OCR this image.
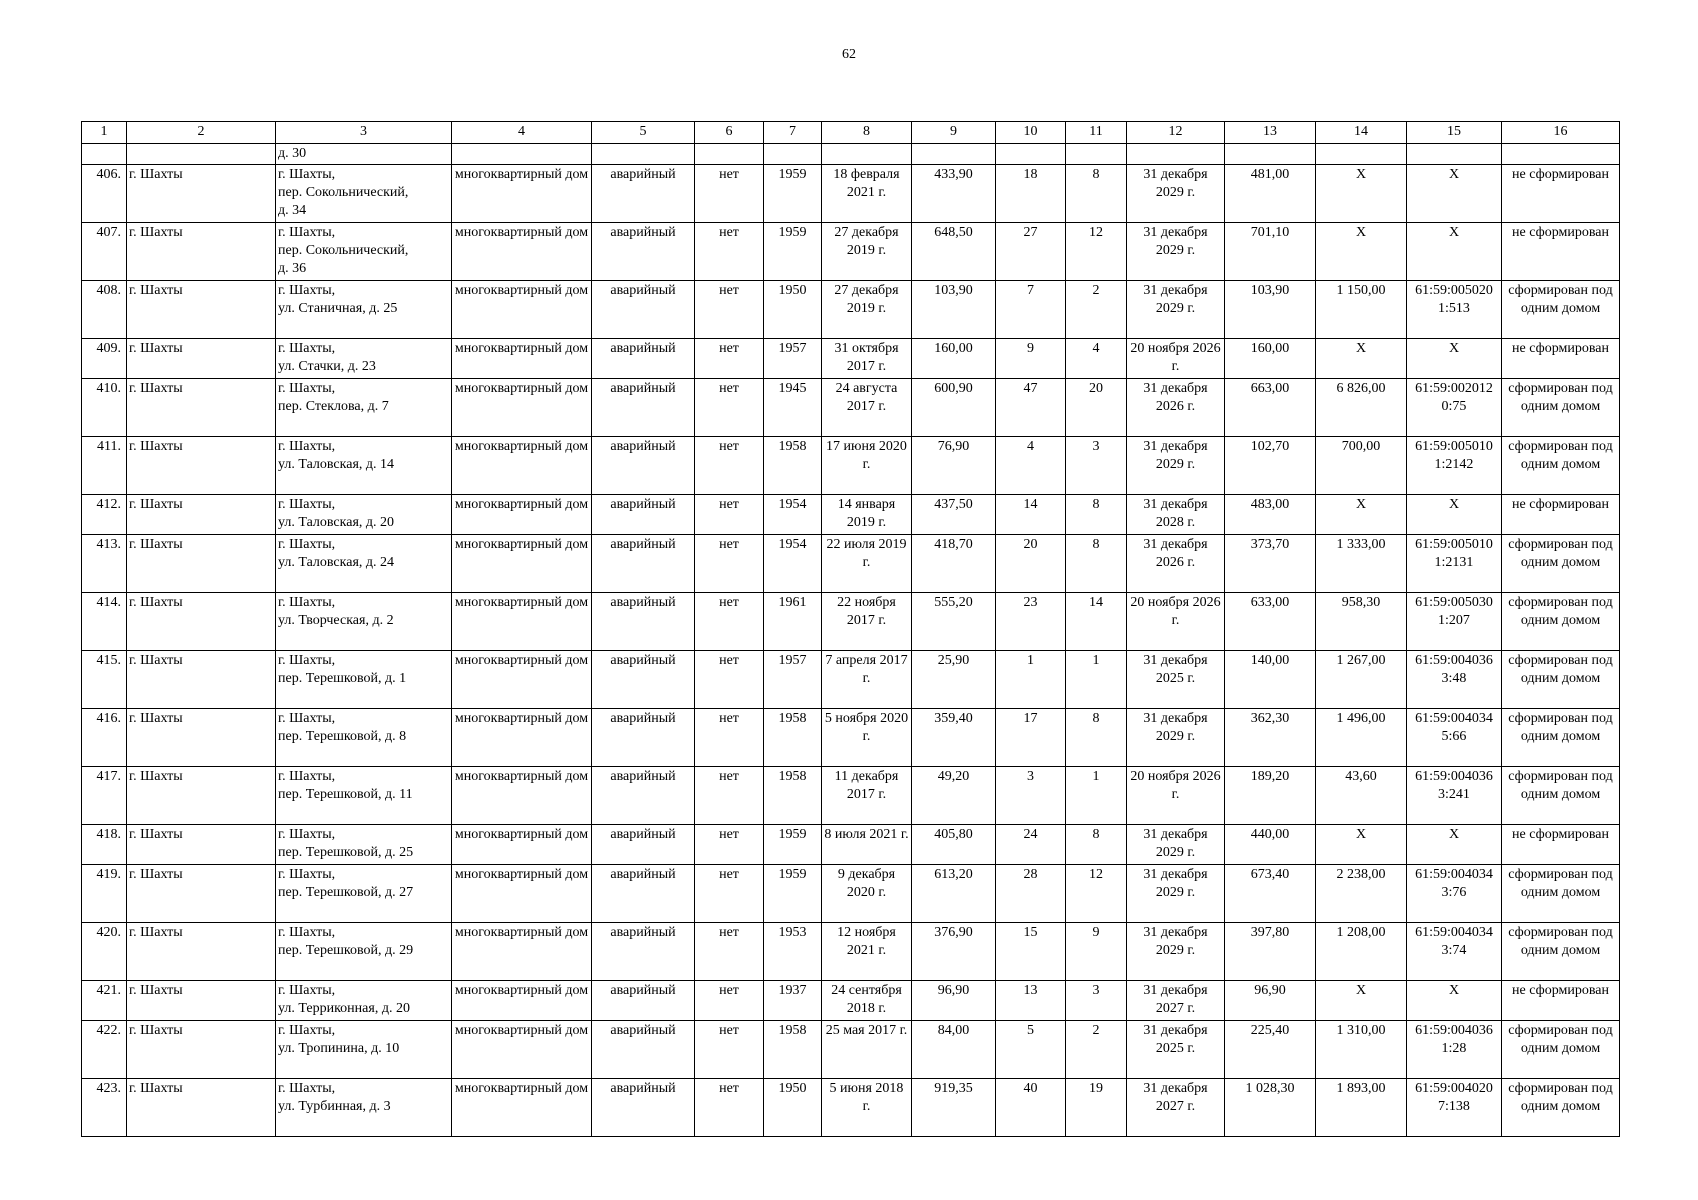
62
1	2	3	4	5	6	7	8	9	10	11	12	13	14	15	16
		д. 30													
406.	г. Шахты	г. Шахты,
пер. Сокольнический,
д. 34	многоквартирный дом	аварийный	нет	1959	18 февраля 2021 г.	433,90	18	8	31 декабря 2029 г.	481,00	X	X	не сформирован
407.	г. Шахты	г. Шахты,
пер. Сокольнический,
д. 36	многоквартирный дом	аварийный	нет	1959	27 декабря 2019 г.	648,50	27	12	31 декабря 2029 г.	701,10	X	X	не сформирован
408.	г. Шахты	г. Шахты,
ул. Станичная, д. 25	многоквартирный дом	аварийный	нет	1950	27 декабря 2019 г.	103,90	7	2	31 декабря 2029 г.	103,90	1 150,00	61:59:005020 1:513	сформирован под одним домом
409.	г. Шахты	г. Шахты,
ул. Стачки, д. 23	многоквартирный дом	аварийный	нет	1957	31 октября 2017 г.	160,00	9	4	20 ноября 2026 г.	160,00	X	X	не сформирован
410.	г. Шахты	г. Шахты,
пер. Стеклова, д. 7	многоквартирный дом	аварийный	нет	1945	24 августа 2017 г.	600,90	47	20	31 декабря 2026 г.	663,00	6 826,00	61:59:002012 0:75	сформирован под одним домом
411.	г. Шахты	г. Шахты,
ул. Таловская, д. 14	многоквартирный дом	аварийный	нет	1958	17 июня 2020 г.	76,90	4	3	31 декабря 2029 г.	102,70	700,00	61:59:005010 1:2142	сформирован под одним домом
412.	г. Шахты	г. Шахты,
ул. Таловская, д. 20	многоквартирный дом	аварийный	нет	1954	14 января 2019 г.	437,50	14	8	31 декабря 2028 г.	483,00	X	X	не сформирован
413.	г. Шахты	г. Шахты,
ул. Таловская, д. 24	многоквартирный дом	аварийный	нет	1954	22 июля 2019 г.	418,70	20	8	31 декабря 2026 г.	373,70	1 333,00	61:59:005010 1:2131	сформирован под одним домом
414.	г. Шахты	г. Шахты,
ул. Творческая, д. 2	многоквартирный дом	аварийный	нет	1961	22 ноября 2017 г.	555,20	23	14	20 ноября 2026 г.	633,00	958,30	61:59:005030 1:207	сформирован под одним домом
415.	г. Шахты	г. Шахты,
пер. Терешковой, д. 1	многоквартирный дом	аварийный	нет	1957	7 апреля 2017 г.	25,90	1	1	31 декабря 2025 г.	140,00	1 267,00	61:59:004036 3:48	сформирован под одним домом
416.	г. Шахты	г. Шахты,
пер. Терешковой, д. 8	многоквартирный дом	аварийный	нет	1958	5 ноября 2020 г.	359,40	17	8	31 декабря 2029 г.	362,30	1 496,00	61:59:004034 5:66	сформирован под одним домом
417.	г. Шахты	г. Шахты,
пер. Терешковой, д. 11	многоквартирный дом	аварийный	нет	1958	11 декабря 2017 г.	49,20	3	1	20 ноября 2026 г.	189,20	43,60	61:59:004036 3:241	сформирован под одним домом
418.	г. Шахты	г. Шахты,
пер. Терешковой, д. 25	многоквартирный дом	аварийный	нет	1959	8 июля 2021 г.	405,80	24	8	31 декабря 2029 г.	440,00	X	X	не сформирован
419.	г. Шахты	г. Шахты,
пер. Терешковой, д. 27	многоквартирный дом	аварийный	нет	1959	9 декабря 2020 г.	613,20	28	12	31 декабря 2029 г.	673,40	2 238,00	61:59:004034 3:76	сформирован под одним домом
420.	г. Шахты	г. Шахты,
пер. Терешковой, д. 29	многоквартирный дом	аварийный	нет	1953	12 ноября 2021 г.	376,90	15	9	31 декабря 2029 г.	397,80	1 208,00	61:59:004034 3:74	сформирован под одним домом
421.	г. Шахты	г. Шахты,
ул. Терриконная, д. 20	многоквартирный дом	аварийный	нет	1937	24 сентября 2018 г.	96,90	13	3	31 декабря 2027 г.	96,90	X	X	не сформирован
422.	г. Шахты	г. Шахты,
ул. Тропинина, д. 10	многоквартирный дом	аварийный	нет	1958	25 мая 2017 г.	84,00	5	2	31 декабря 2025 г.	225,40	1 310,00	61:59:004036 1:28	сформирован под одним домом
423.	г. Шахты	г. Шахты,
ул. Турбинная, д. 3	многоквартирный дом	аварийный	нет	1950	5 июня 2018 г.	919,35	40	19	31 декабря 2027 г.	1 028,30	1 893,00	61:59:004020 7:138	сформирован под одним домом
